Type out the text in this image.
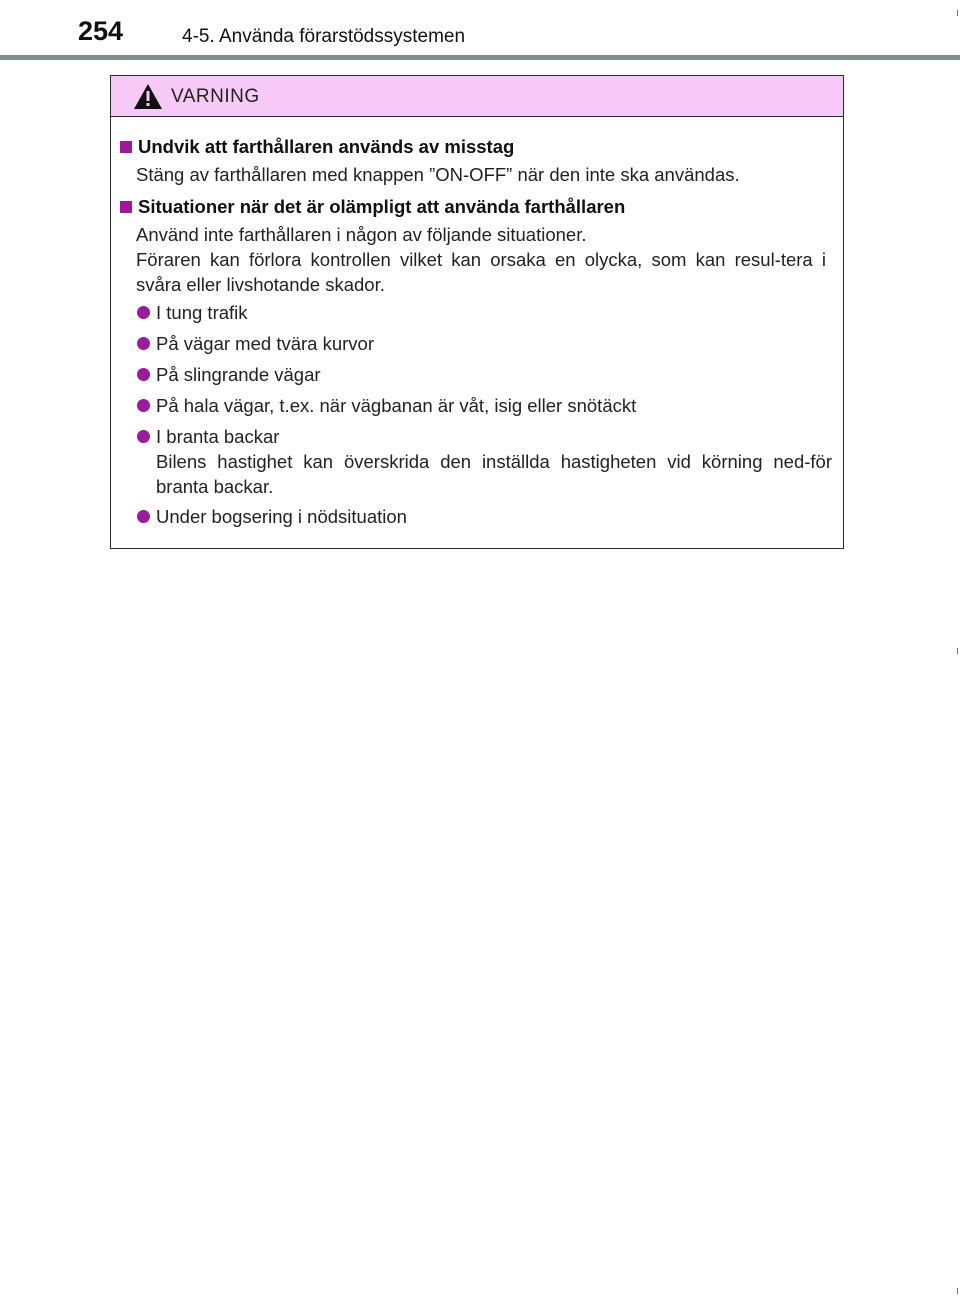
254	4-5. Använda förarstödssystemen
VARNING
Undvik att farthållaren används av misstag
Stäng av farthållaren med knappen ”ON-OFF” när den inte ska användas.
Situationer när det är olämpligt att använda farthållaren
Använd inte farthållaren i någon av följande situationer.
Föraren kan förlora kontrollen vilket kan orsaka en olycka, som kan resul-tera i svåra eller livshotande skador.
I tung trafik
På vägar med tvära kurvor
På slingrande vägar
På hala vägar, t.ex. när vägbanan är våt, isig eller snötäckt
I branta backar
Bilens hastighet kan överskrida den inställda hastigheten vid körning ned-för branta backar.
Under bogsering i nödsituation
